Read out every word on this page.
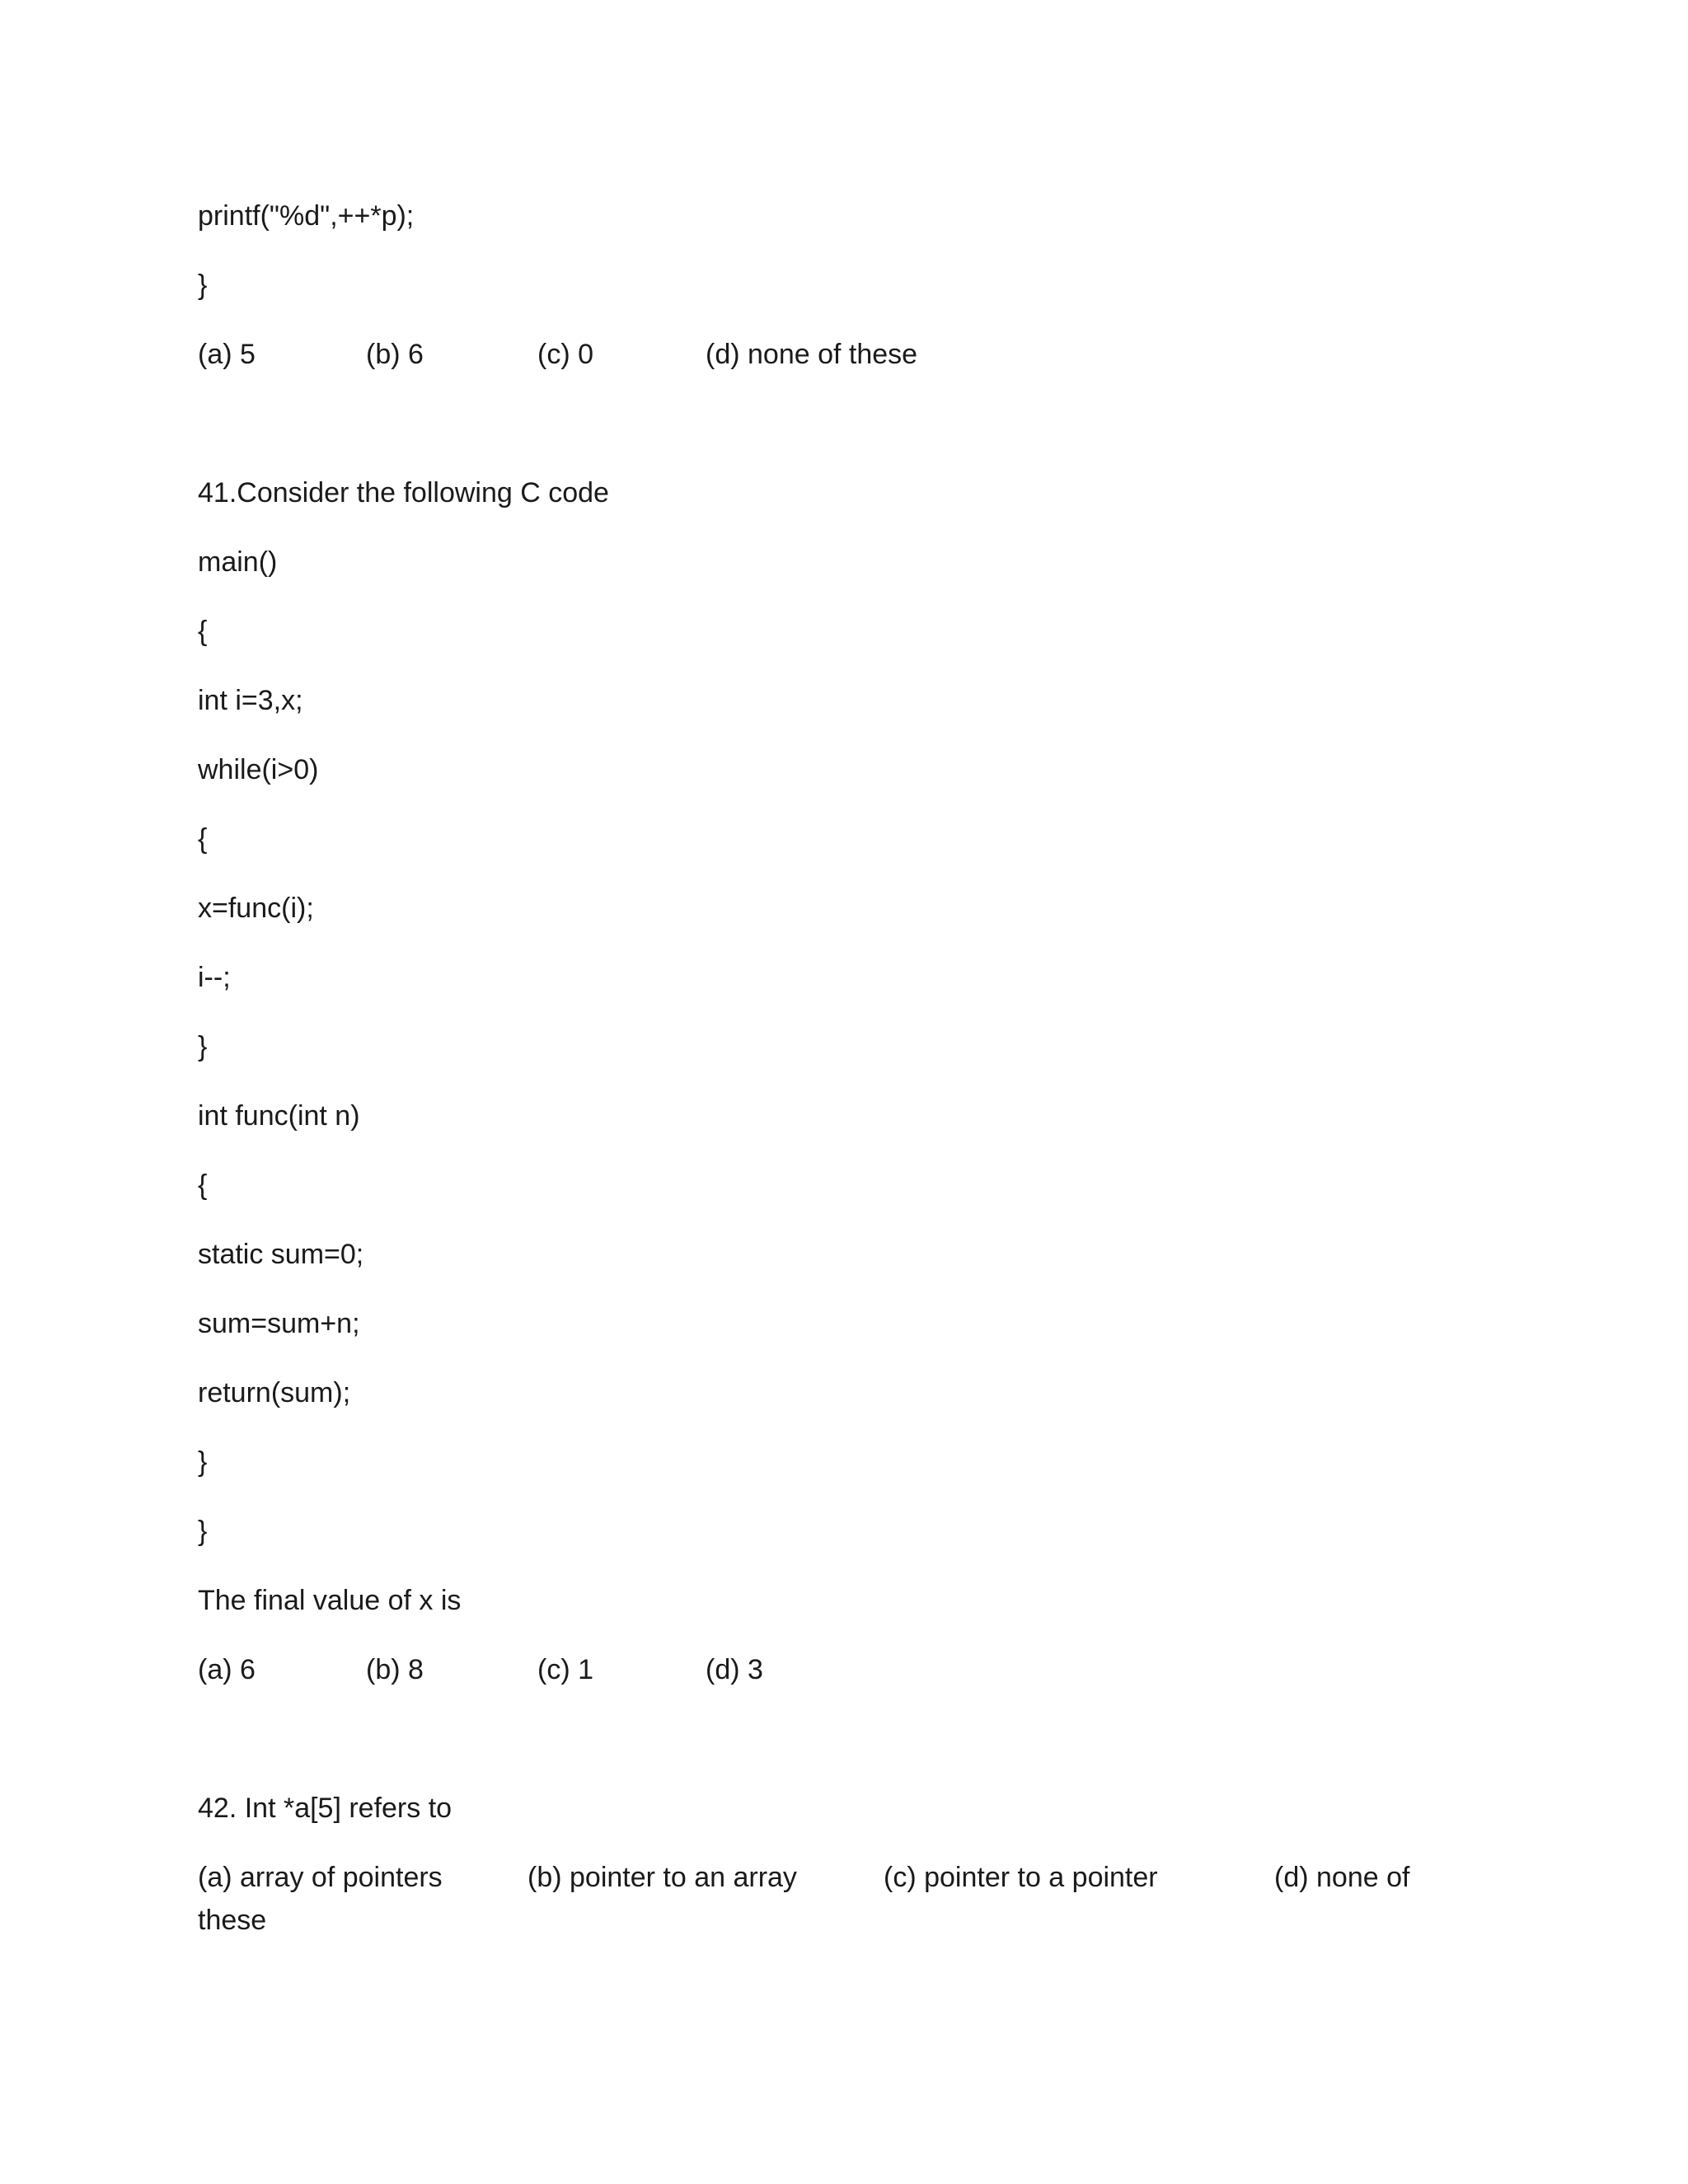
printf("%d",++*p);
}
(a) 5	(b) 6	(c) 0	(d) none of these
41.Consider the following C code
main()
{
int i=3,x;
while(i>0)
{
x=func(i);
i--;
}
int func(int n)
{
static sum=0;
sum=sum+n;
return(sum);
}
}
The final value of x is
(a) 6	(b) 8	(c) 1	(d) 3
42. Int *a[5] refers to
(a) array of pointers	(b) pointer to an array	(c) pointer to a pointer	(d) none of
these
